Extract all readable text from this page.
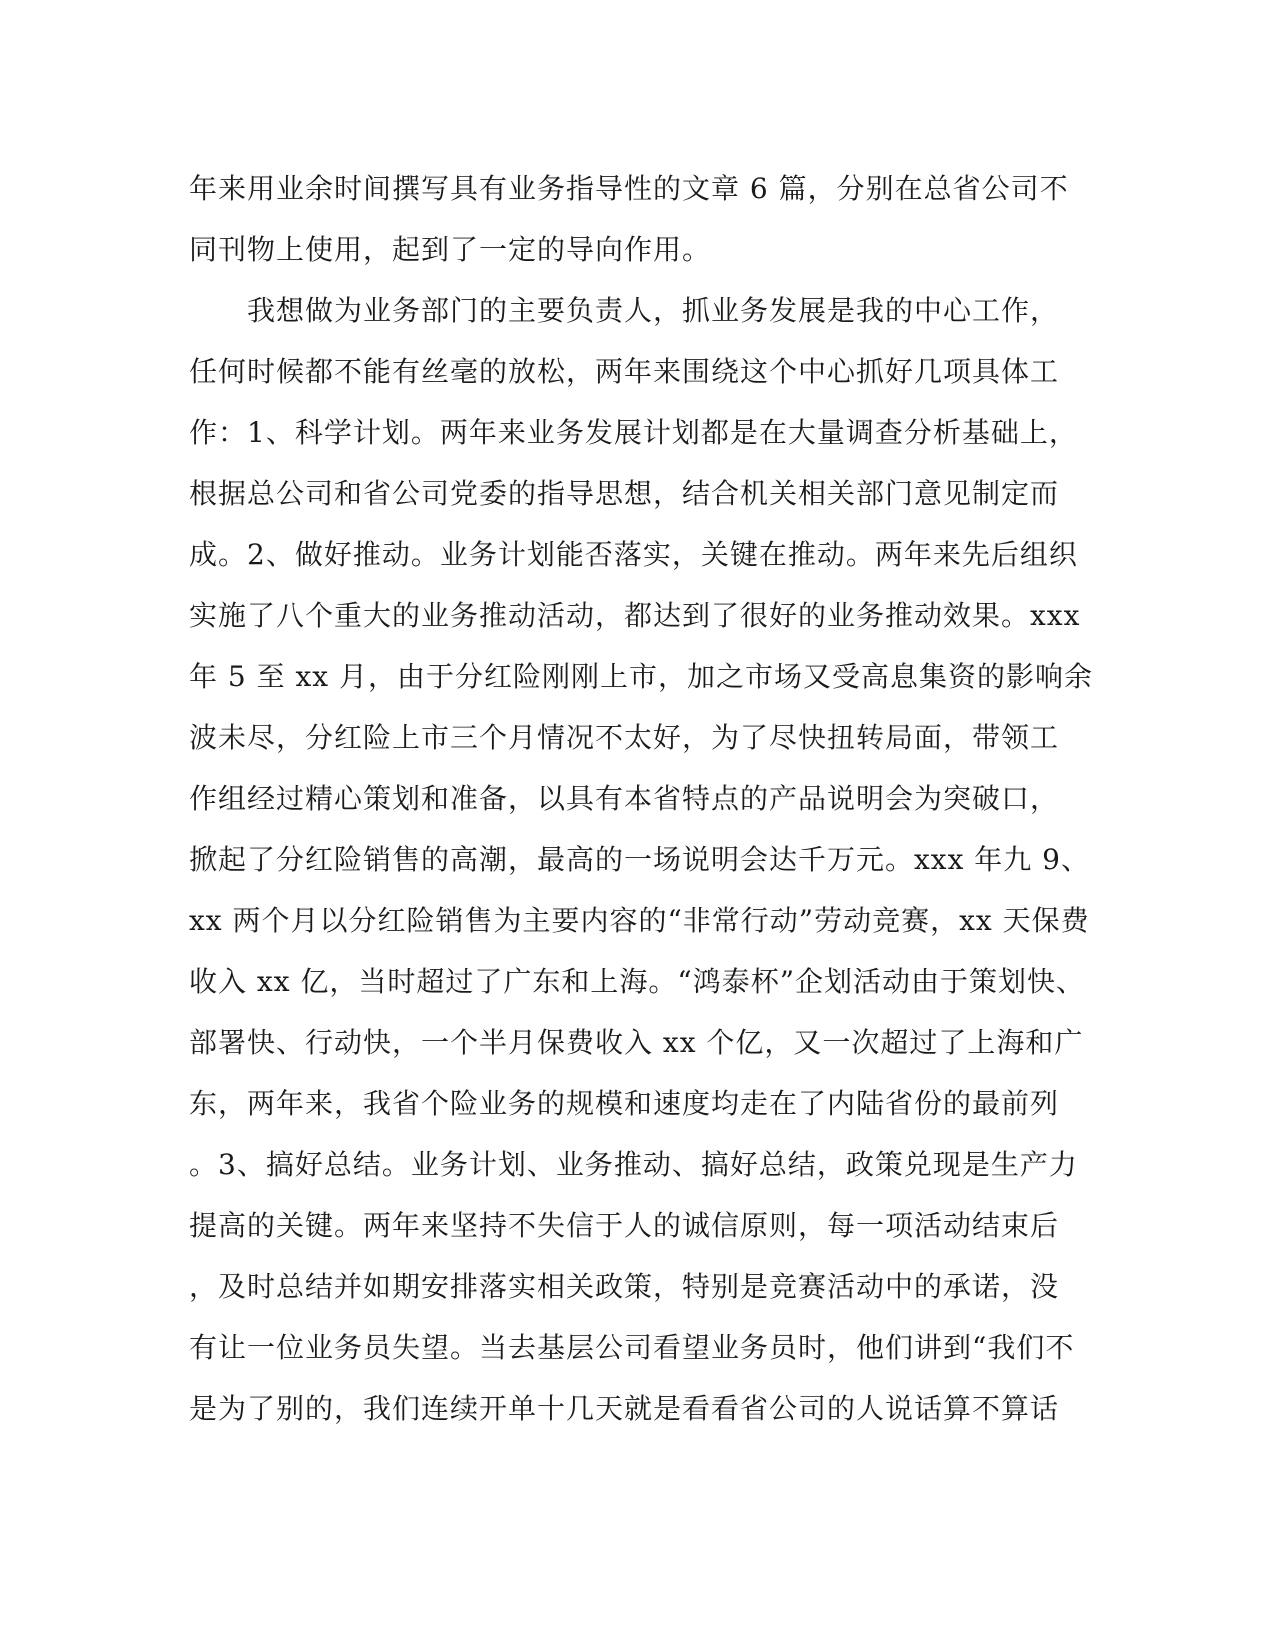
年来用业余时间撰写具有业务指导性的文章 6 篇，分别在总省公司不
同刊物上使用，起到了一定的导向作用。
　　我想做为业务部门的主要负责人，抓业务发展是我的中心工作，
任何时候都不能有丝毫的放松，两年来围绕这个中心抓好几项具体工
作：1、科学计划。两年来业务发展计划都是在大量调查分析基础上，
根据总公司和省公司党委的指导思想，结合机关相关部门意见制定而
成。2、做好推动。业务计划能否落实，关键在推动。两年来先后组织
实施了八个重大的业务推动活动，都达到了很好的业务推动效果。xxx
年 5 至 xx 月，由于分红险刚刚上市，加之市场又受高息集资的影响余
波未尽，分红险上市三个月情况不太好，为了尽快扭转局面，带领工
作组经过精心策划和准备，以具有本省特点的产品说明会为突破口，
掀起了分红险销售的高潮，最高的一场说明会达千万元。xxx 年九 9、
xx 两个月以分红险销售为主要内容的“非常行动”劳动竞赛，xx 天保费
收入 xx 亿，当时超过了广东和上海。“鸿泰杯”企划活动由于策划快、
部署快、行动快，一个半月保费收入 xx 个亿，又一次超过了上海和广
东，两年来，我省个险业务的规模和速度均走在了内陆省份的最前列
。3、搞好总结。业务计划、业务推动、搞好总结，政策兑现是生产力
提高的关键。两年来坚持不失信于人的诚信原则，每一项活动结束后
，及时总结并如期安排落实相关政策，特别是竞赛活动中的承诺，没
有让一位业务员失望。当去基层公司看望业务员时，他们讲到“我们不
是为了别的，我们连续开单十几天就是看看省公司的人说话算不算话
